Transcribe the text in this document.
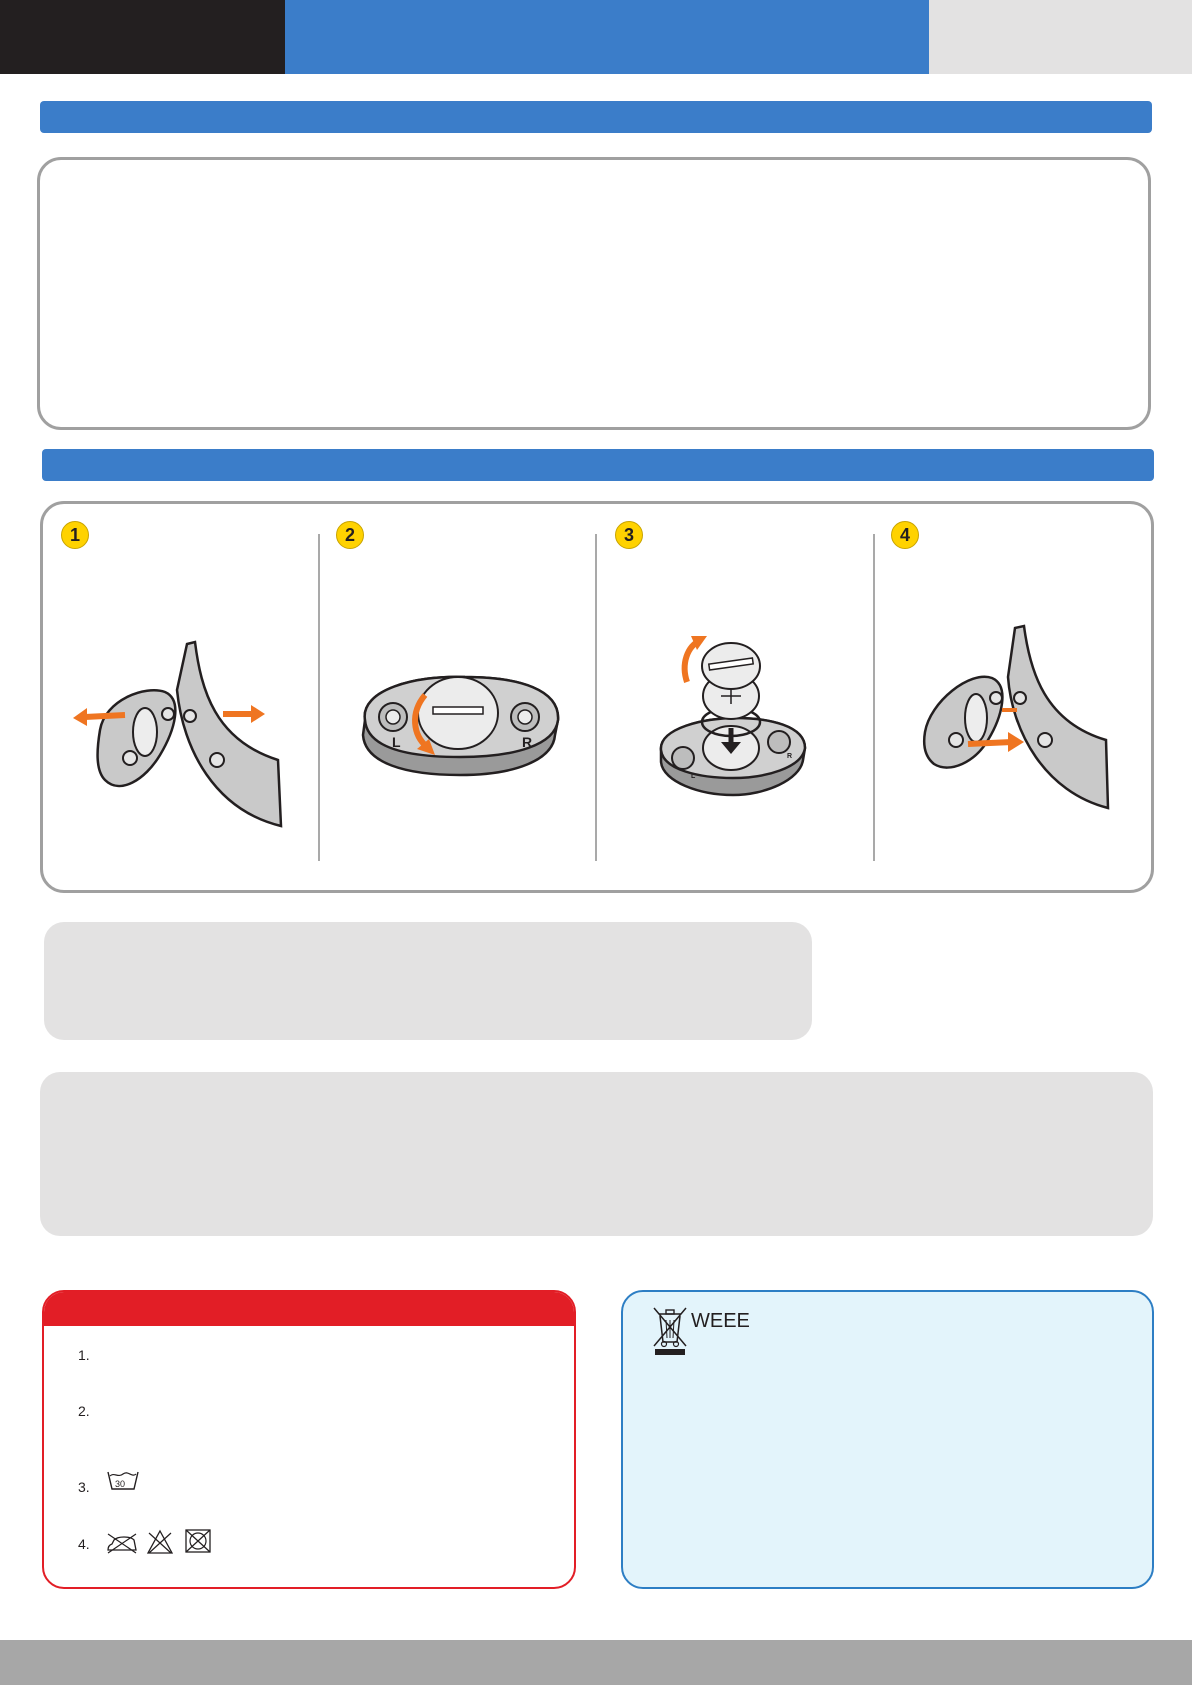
1	2	3	4
L	R
L
R
1.
2.
3.
4.
30
WEEE
